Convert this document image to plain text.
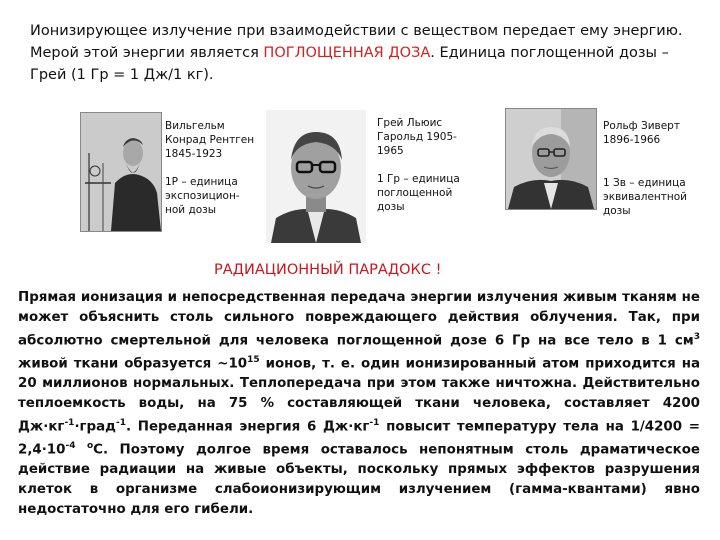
Ионизирующее излучение при взаимодействии с веществом передает ему энергию. Мерой этой энергии является ПОГЛОЩЕННАЯ ДОЗА. Единица поглощенной дозы – Грей (1 Гр = 1 Дж/1 кг).
Вильгельм Конрад Рентген 1845-1923
1Р – единица экспозицион-ной дозы
Грей Льюис Гарольд 1905-1965
1 Гр – единица поглощенной дозы
Рольф Зиверт 1896-1966
1 Зв – единица эквивалентной дозы
РАДИАЦИОННЫЙ ПАРАДОКС !

Прямая ионизация и непосредственная передача энергии излучения живым тканям не может объяснить столь сильного повреждающего действия облучения. Так, при абсолютно смертельной для человека поглощенной дозе 6 Гр на все тело в 1 $см^3$ живой ткани образуется $\sim 10^{15}$ ионов, т. е. один ионизированный атом приходится на 20 миллионов нормальных. Теплопередача при этом также ничтожна. Действительно теплоемкость воды, на 75 % составляющей ткани человека, составляет 4200 $Дж\cdot кг^{-1}\cdot град^{-1}$. Переданная энергия 6 $Дж\cdot кг^{-1}$ повысит температуру тела на $1/4200 = 2,4\cdot 10^{-4}$ $^о$С. Поэтому долгое время оставалось непонятным столь драматическое действие радиации на живые объекты, поскольку прямых эффектов разрушения клеток в организме слабоионизирующим излучением (гамма-квантами) явно недостаточно для его гибели.
